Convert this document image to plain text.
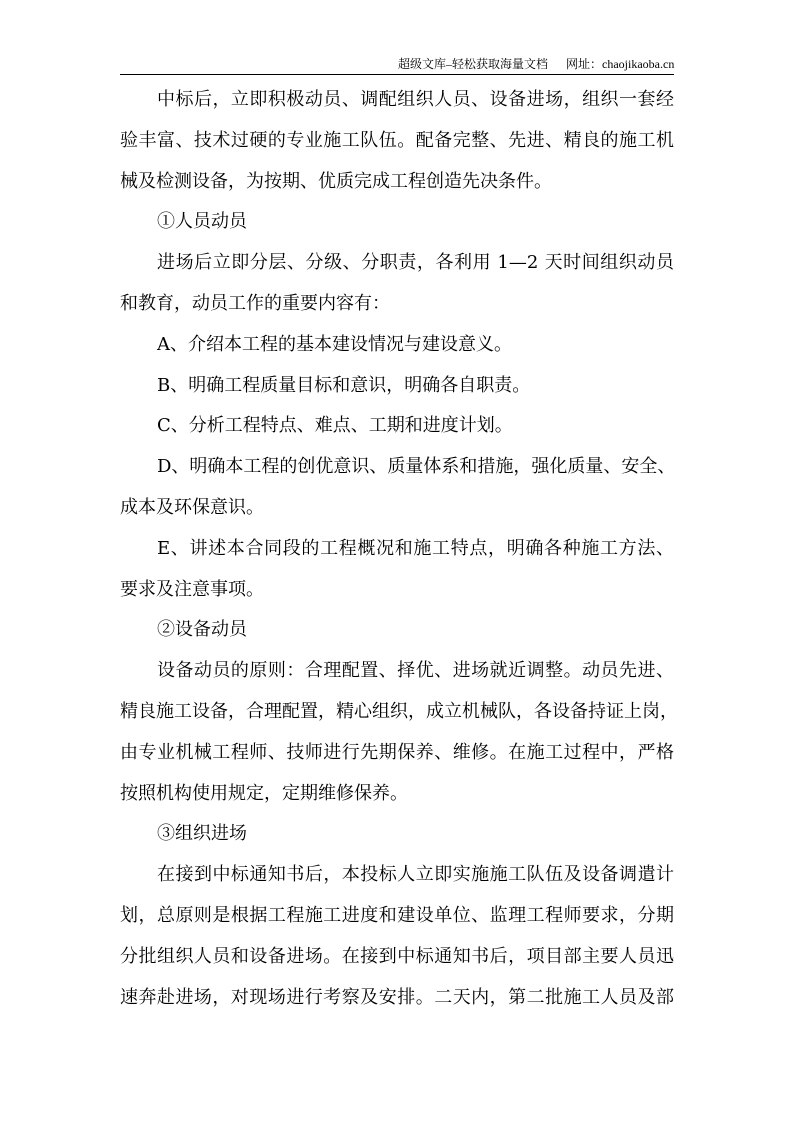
超级文库–轻松获取海量文档 网址：chaojikaoba.cn
中标后，立即积极动员、调配组织人员、设备进场，组织一套经
验丰富、技术过硬的专业施工队伍。配备完整、先进、精良的施工机
械及检测设备，为按期、优质完成工程创造先决条件。
①人员动员
进场后立即分层、分级、分职责，各利用 1—2 天时间组织动员
和教育，动员工作的重要内容有：
A、介绍本工程的基本建设情况与建设意义。
B、明确工程质量目标和意识，明确各自职责。
C、分析工程特点、难点、工期和进度计划。
D、明确本工程的创优意识、质量体系和措施，强化质量、安全、
成本及环保意识。
E、讲述本合同段的工程概况和施工特点，明确各种施工方法、
要求及注意事项。
②设备动员
设备动员的原则：合理配置、择优、进场就近调整。动员先进、
精良施工设备，合理配置，精心组织，成立机械队，各设备持证上岗，
由专业机械工程师、技师进行先期保养、维修。在施工过程中，严格
按照机构使用规定，定期维修保养。
③组织进场
在接到中标通知书后，本投标人立即实施施工队伍及设备调遣计
划，总原则是根据工程施工进度和建设单位、监理工程师要求，分期
分批组织人员和设备进场。在接到中标通知书后，项目部主要人员迅
速奔赴进场，对现场进行考察及安排。二天内，第二批施工人员及部
